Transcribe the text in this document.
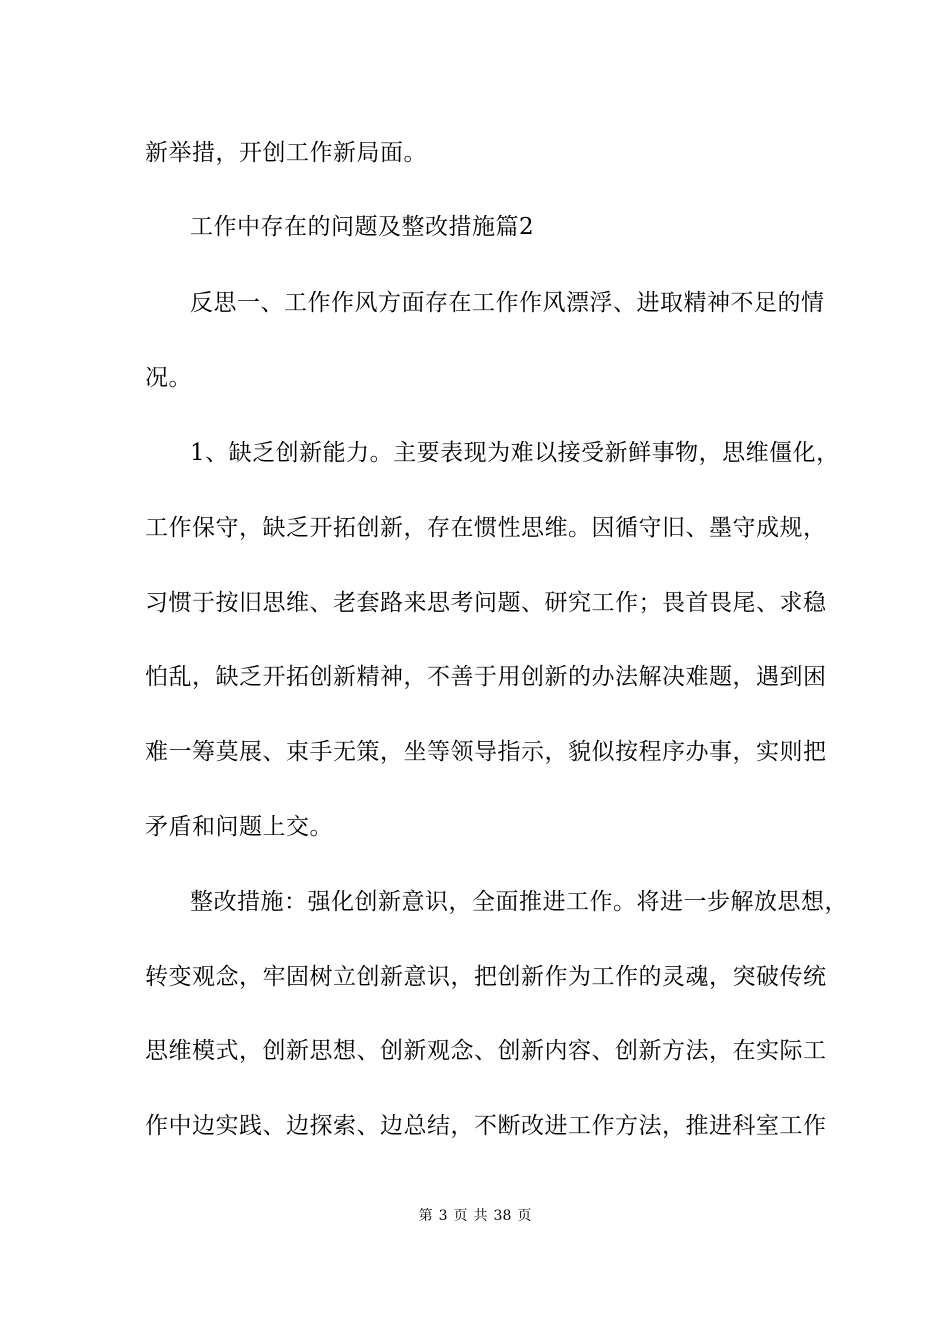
新举措，开创工作新局面。
工作中存在的问题及整改措施篇2
反思一、工作作风方面存在工作作风漂浮、进取精神不足的情
况。
1、缺乏创新能力。主要表现为难以接受新鲜事物，思维僵化，
工作保守，缺乏开拓创新，存在惯性思维。因循守旧、墨守成规，
习惯于按旧思维、老套路来思考问题、研究工作；畏首畏尾、求稳
怕乱，缺乏开拓创新精神，不善于用创新的办法解决难题，遇到困
难一筹莫展、束手无策，坐等领导指示，貌似按程序办事，实则把
矛盾和问题上交。
整改措施：强化创新意识，全面推进工作。将进一步解放思想，
转变观念，牢固树立创新意识，把创新作为工作的灵魂，突破传统
思维模式，创新思想、创新观念、创新内容、创新方法，在实际工
作中边实践、边探索、边总结，不断改进工作方法，推进科室工作
第 3 页 共 38 页
